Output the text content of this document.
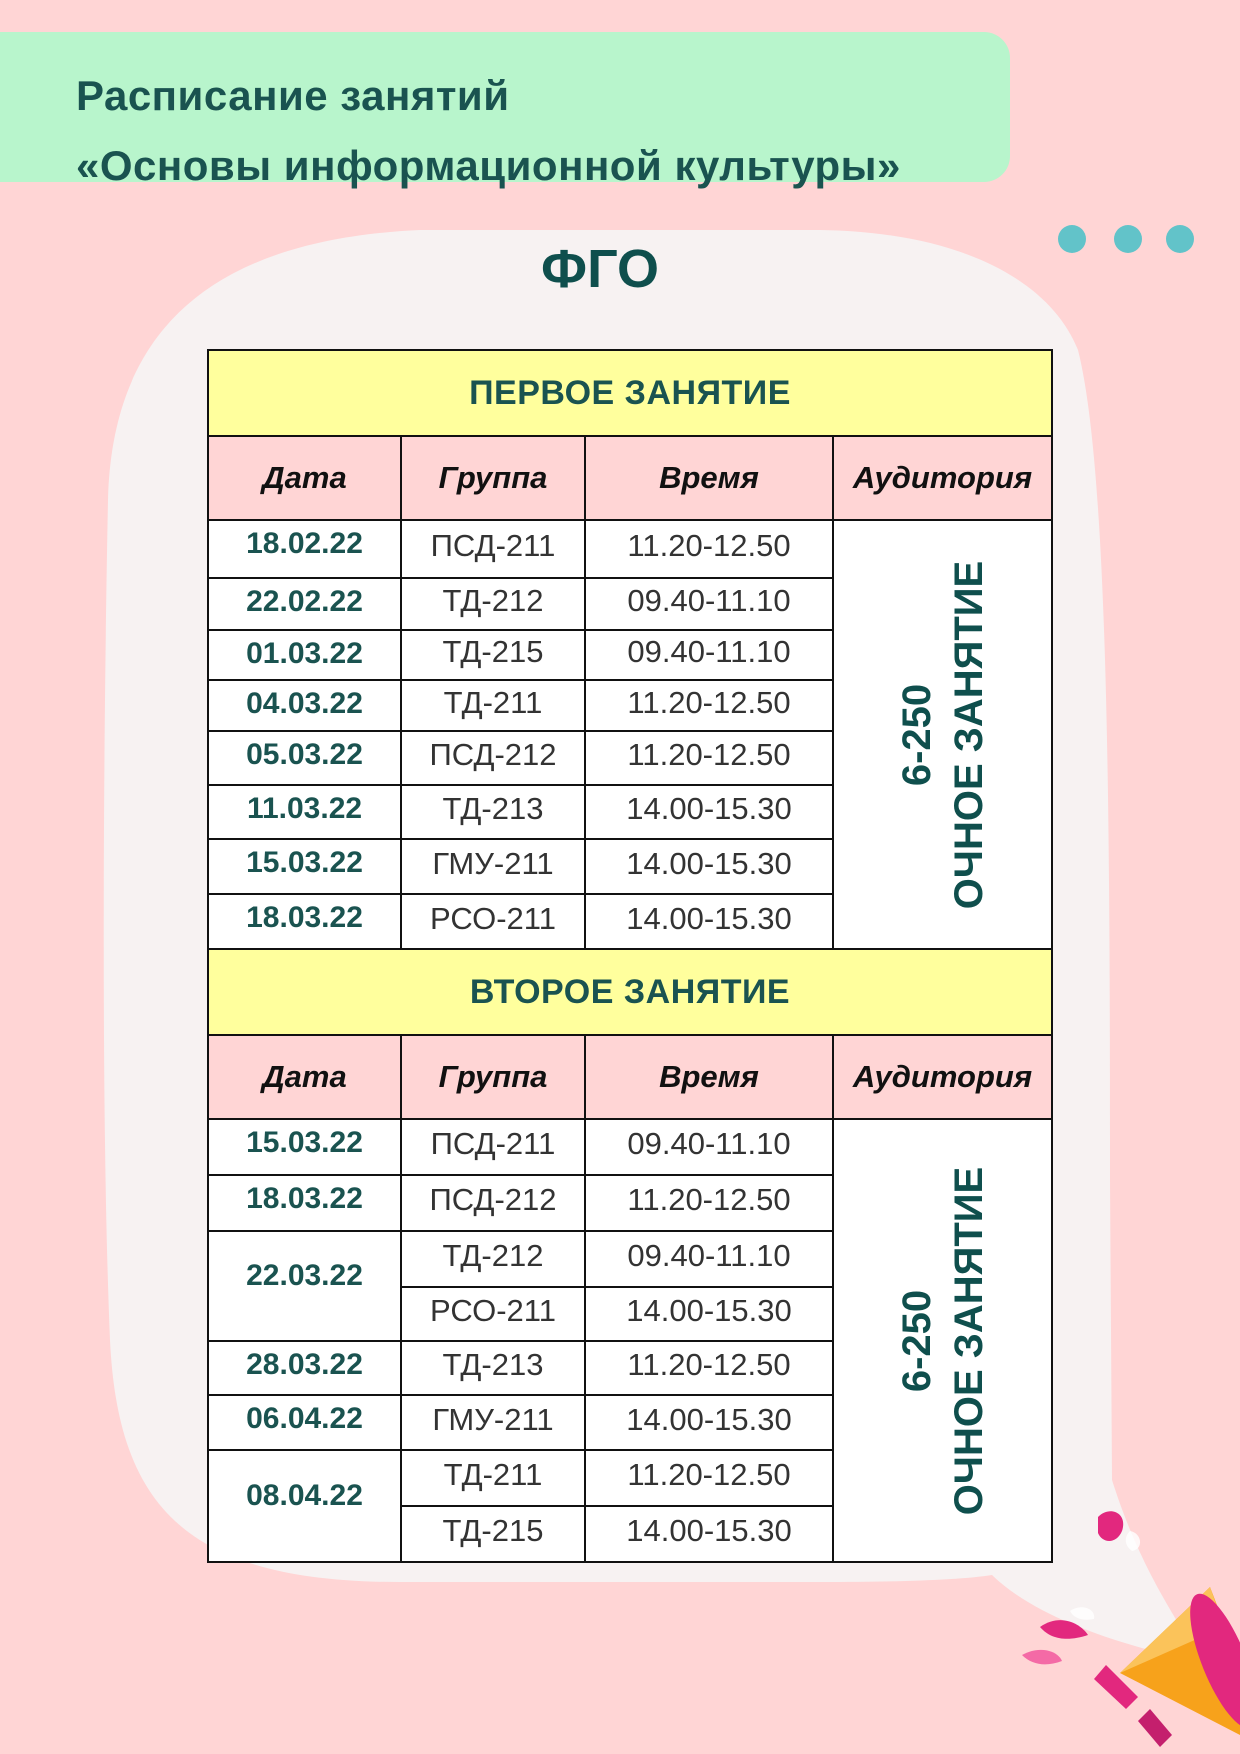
Расписание занятий
«Основы информационной культуры»
ФГО
ПЕРВОЕ ЗАНЯТИЕ			
Дата	Группа	Время	Аудитория
18.02.22	ПСД-211	11.20-12.50	6-250 ОЧНОЕ ЗАНЯТИЕ

22.02.22	ТД-212	09.40-11.10	
01.03.22	ТД-215	09.40-11.10	
04.03.22	ТД-211	11.20-12.50	
05.03.22	ПСД-212	11.20-12.50	
11.03.22	ТД-213	14.00-15.30	
15.03.22	ГМУ-211	14.00-15.30	
18.03.22	РСО-211	14.00-15.30	
ВТОРОЕ ЗАНЯТИЕ			
Дата	Группа	Время	Аудитория
15.03.22	ПСД-211	09.40-11.10	6-250 ОЧНОЕ ЗАНЯТИЕ

18.03.22	ПСД-212	11.20-12.50	
22.03.22	ТД-212	09.40-11.10	
	РСО-211	14.00-15.30	
28.03.22	ТД-213	11.20-12.50	
06.04.22	ГМУ-211	14.00-15.30	
08.04.22	ТД-211	11.20-12.50	
	ТД-215	14.00-15.30	
